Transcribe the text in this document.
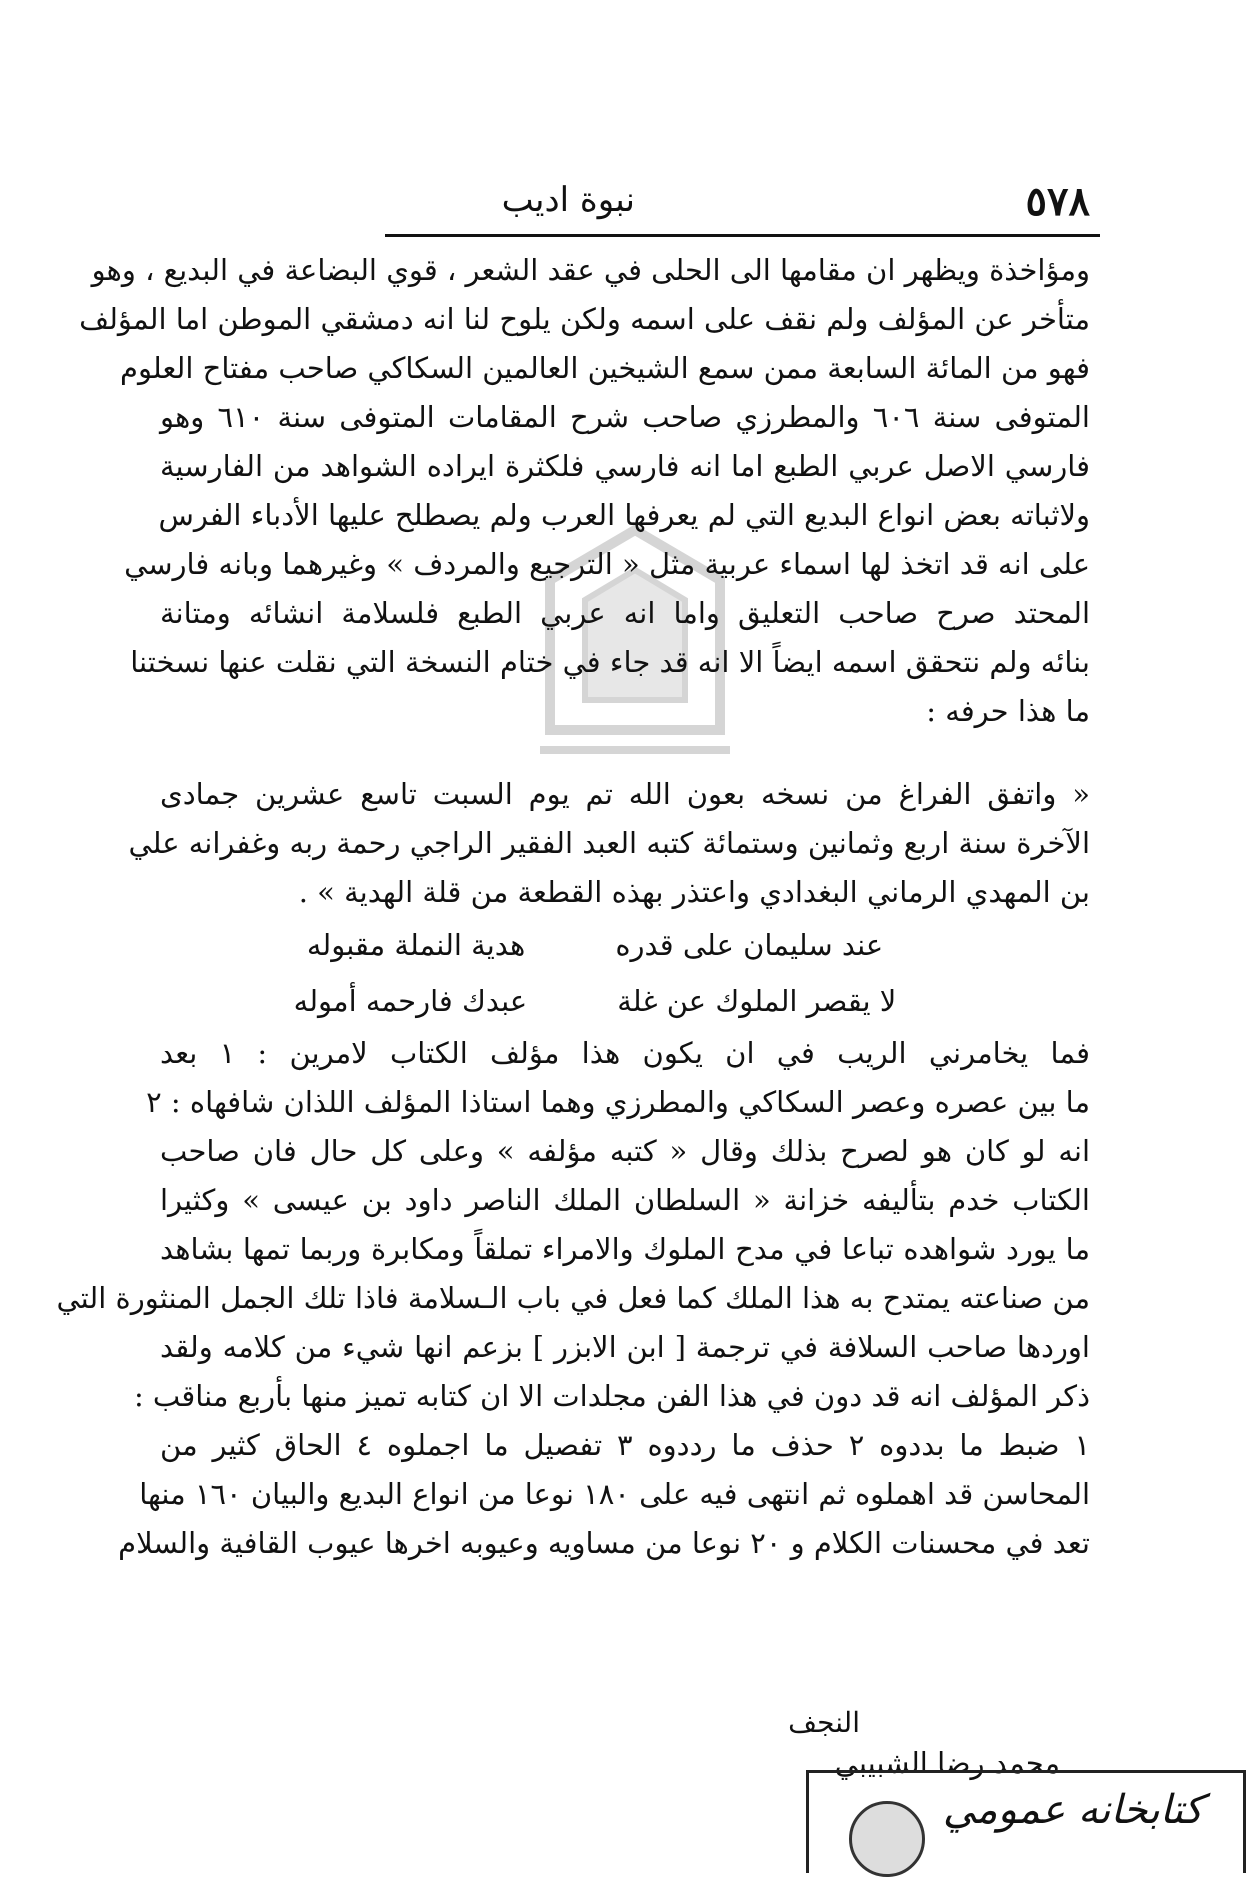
٥٧٨
نبوة اديب

ومؤاخذة ويظهر ان مقامها الى الحلى في عقد الشعر ، قوي البضاعة في البديع ، وهو
متأخر عن المؤلف ولم نقف على اسمه ولكن يلوح لنا انه دمشقي الموطن اما المؤلف
فهو من المائة السابعة ممن سمع الشيخين العالمين السكاكي صاحب مفتاح العلوم
المتوفى سنة ٦٠٦ والمطرزي صاحب شرح المقامات المتوفى سنة ٦١٠ وهو
فارسي الاصل عربي الطبع اما انه فارسي فلكثرة ايراده الشواهد من الفارسية
ولاثباته بعض انواع البديع التي لم يعرفها العرب ولم يصطلح عليها الأدباء الفرس
على انه قد اتخذ لها اسماء عربية مثل « الترجيع والمردف » وغيرهما وبانه فارسي
المحتد صرح صاحب التعليق واما انه عربي الطبع فلسلامة انشائه ومتانة
بنائه ولم نتحقق اسمه ايضاً الا انه قد جاء في ختام النسخة التي نقلت عنها نسختنا
ما هذا حرفه :

« واتفق الفراغ من نسخه بعون الله تم يوم السبت تاسع عشرين جمادى
الآخرة سنة اربع وثمانين وستمائة كتبه العبد الفقير الراجي رحمة ربه وغفرانه علي
بن المهدي الرماني البغدادي واعتذر بهذه القطعة من قلة الهدية » .

عند سليمان على قدره
هدية النملة مقبوله
لا يقصر الملوك عن غلة
عبدك فارحمه أموله

فما يخامرني الريب في ان يكون هذا مؤلف الكتاب لامرين : ١ بعد
ما بين عصره وعصر السكاكي والمطرزي وهما استاذا المؤلف اللذان شافهاه : ٢
انه لو كان هو لصرح بذلك وقال « كتبه مؤلفه » وعلى كل حال فان صاحب
الكتاب خدم بتأليفه خزانة « السلطان الملك الناصر داود بن عيسى » وكثيرا
ما يورد شواهده تباعا في مدح الملوك والامراء تملقاً ومكابرة وربما تمها بشاهد
من صناعته يمتدح به هذا الملك كما فعل في باب الـسلامة فاذا تلك الجمل المنثورة التي
اوردها صاحب السلافة في ترجمة [ ابن الابزر ] بزعم انها شيء من كلامه ولقد
ذكر المؤلف انه قد دون في هذا الفن مجلدات الا ان كتابه تميز منها بأربع مناقب :
١ ضبط ما بددوه ٢ حذف ما رددوه ٣ تفصيل ما اجملوه ٤ الحاق كثير من
المحاسن قد اهملوه ثم انتهى فيه على ١٨٠ نوعا من انواع البديع والبيان ١٦٠ منها
تعد في محسنات الكلام و ٢٠ نوعا من مساويه وعيوبه اخرها عيوب القافية والسلام

النجف
محمد رضا الشبيبي
كتابخانه عمومي
